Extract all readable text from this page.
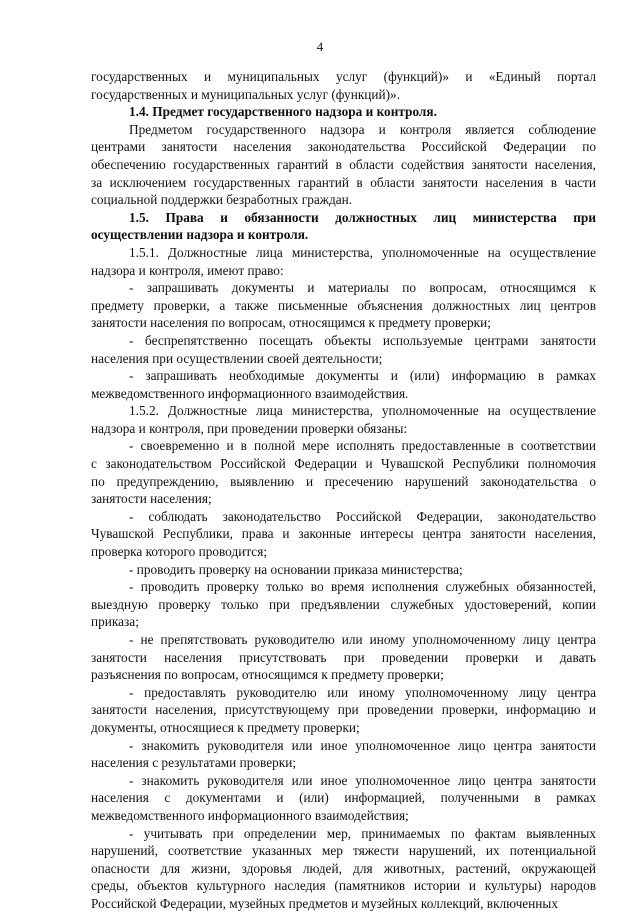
4
государственных и муниципальных услуг (функций)» и «Единый портал
государственных и муниципальных услуг (функций)».
1.4. Предмет государственного надзора и контроля.
Предметом государственного надзора и контроля является соблюдение
центрами занятости населения законодательства Российской Федерации по
обеспечению государственных гарантий в области содействия занятости населения,
за исключением государственных гарантий в области занятости населения в части
социальной поддержки безработных граждан.
1.5. Права и обязанности должностных лиц министерства при
осуществлении надзора и контроля.
1.5.1. Должностные лица министерства, уполномоченные на осуществление
надзора и контроля, имеют право:
- запрашивать документы и материалы по вопросам, относящимся к
предмету проверки, а также письменные объяснения должностных лиц центров
занятости населения по вопросам, относящимся к предмету проверки;
- беспрепятственно посещать объекты используемые центрами занятости
населения при осуществлении своей деятельности;
- запрашивать необходимые документы и (или) информацию в рамках
межведомственного информационного взаимодействия.
1.5.2. Должностные лица министерства, уполномоченные на осуществление
надзора и контроля, при проведении проверки обязаны:
- своевременно и в полной мере исполнять предоставленные в соответствии
с законодательством Российской Федерации и Чувашской Республики полномочия
по предупреждению, выявлению и пресечению нарушений законодательства о
занятости населения;
- соблюдать законодательство Российской Федерации, законодательство
Чувашской Республики, права и законные интересы центра занятости населения,
проверка которого проводится;
- проводить проверку на основании приказа министерства;
- проводить проверку только во время исполнения служебных обязанностей,
выездную проверку только при предъявлении служебных удостоверений, копии
приказа;
- не препятствовать руководителю или иному уполномоченному лицу центра
занятости населения присутствовать при проведении проверки и давать
разъяснения по вопросам, относящимся к предмету проверки;
- предоставлять руководителю или иному уполномоченному лицу центра
занятости населения, присутствующему при проведении проверки, информацию и
документы, относящиеся к предмету проверки;
- знакомить руководителя или иное уполномоченное лицо центра занятости
населения с результатами проверки;
- знакомить руководителя или иное уполномоченное лицо центра занятости
населения с документами и (или) информацией, полученными в рамках
межведомственного информационного взаимодействия;
- учитывать при определении мер, принимаемых по фактам выявленных
нарушений, соответствие указанных мер тяжести нарушений, их потенциальной
опасности для жизни, здоровья людей, для животных, растений, окружающей
среды, объектов культурного наследия (памятников истории и культуры) народов
Российской Федерации, музейных предметов и музейных коллекций, включенных
